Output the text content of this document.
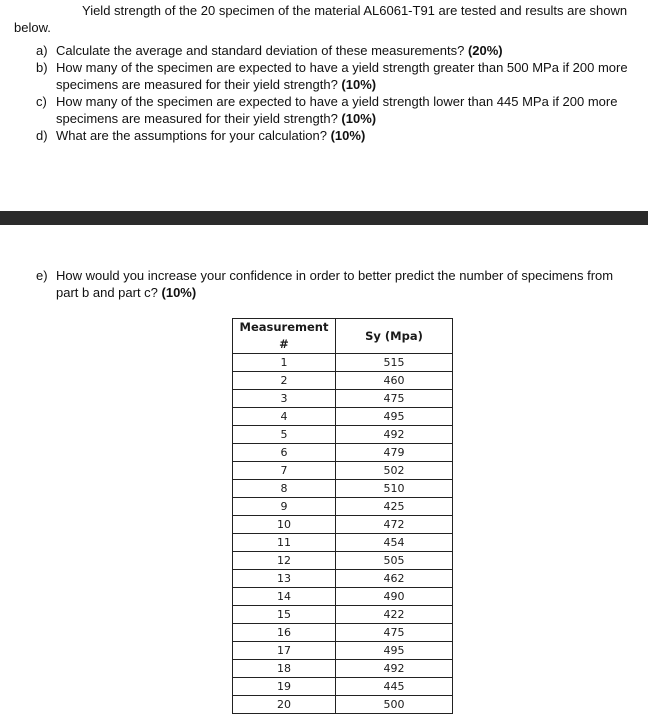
Yield strength of the 20 specimen of the material AL6061-T91 are tested and results are shown below.

a) Calculate the average and standard deviation of these measurements? (20%)
b) How many of the specimen are expected to have a yield strength greater than 500 MPa if 200 more specimens are measured for their yield strength? (10%)
c) How many of the specimen are expected to have a yield strength lower than 445 MPa if 200 more specimens are measured for their yield strength? (10%)
d) What are the assumptions for your calculation? (10%)
e) How would you increase your confidence in order to better predict the number of specimens from part b and part c? (10%)
Measurement #	Sy (Mpa)
1	515
2	460
3	475
4	495
5	492
6	479
7	502
8	510
9	425
10	472
11	454
12	505
13	462
14	490
15	422
16	475
17	495
18	492
19	445
20	500
